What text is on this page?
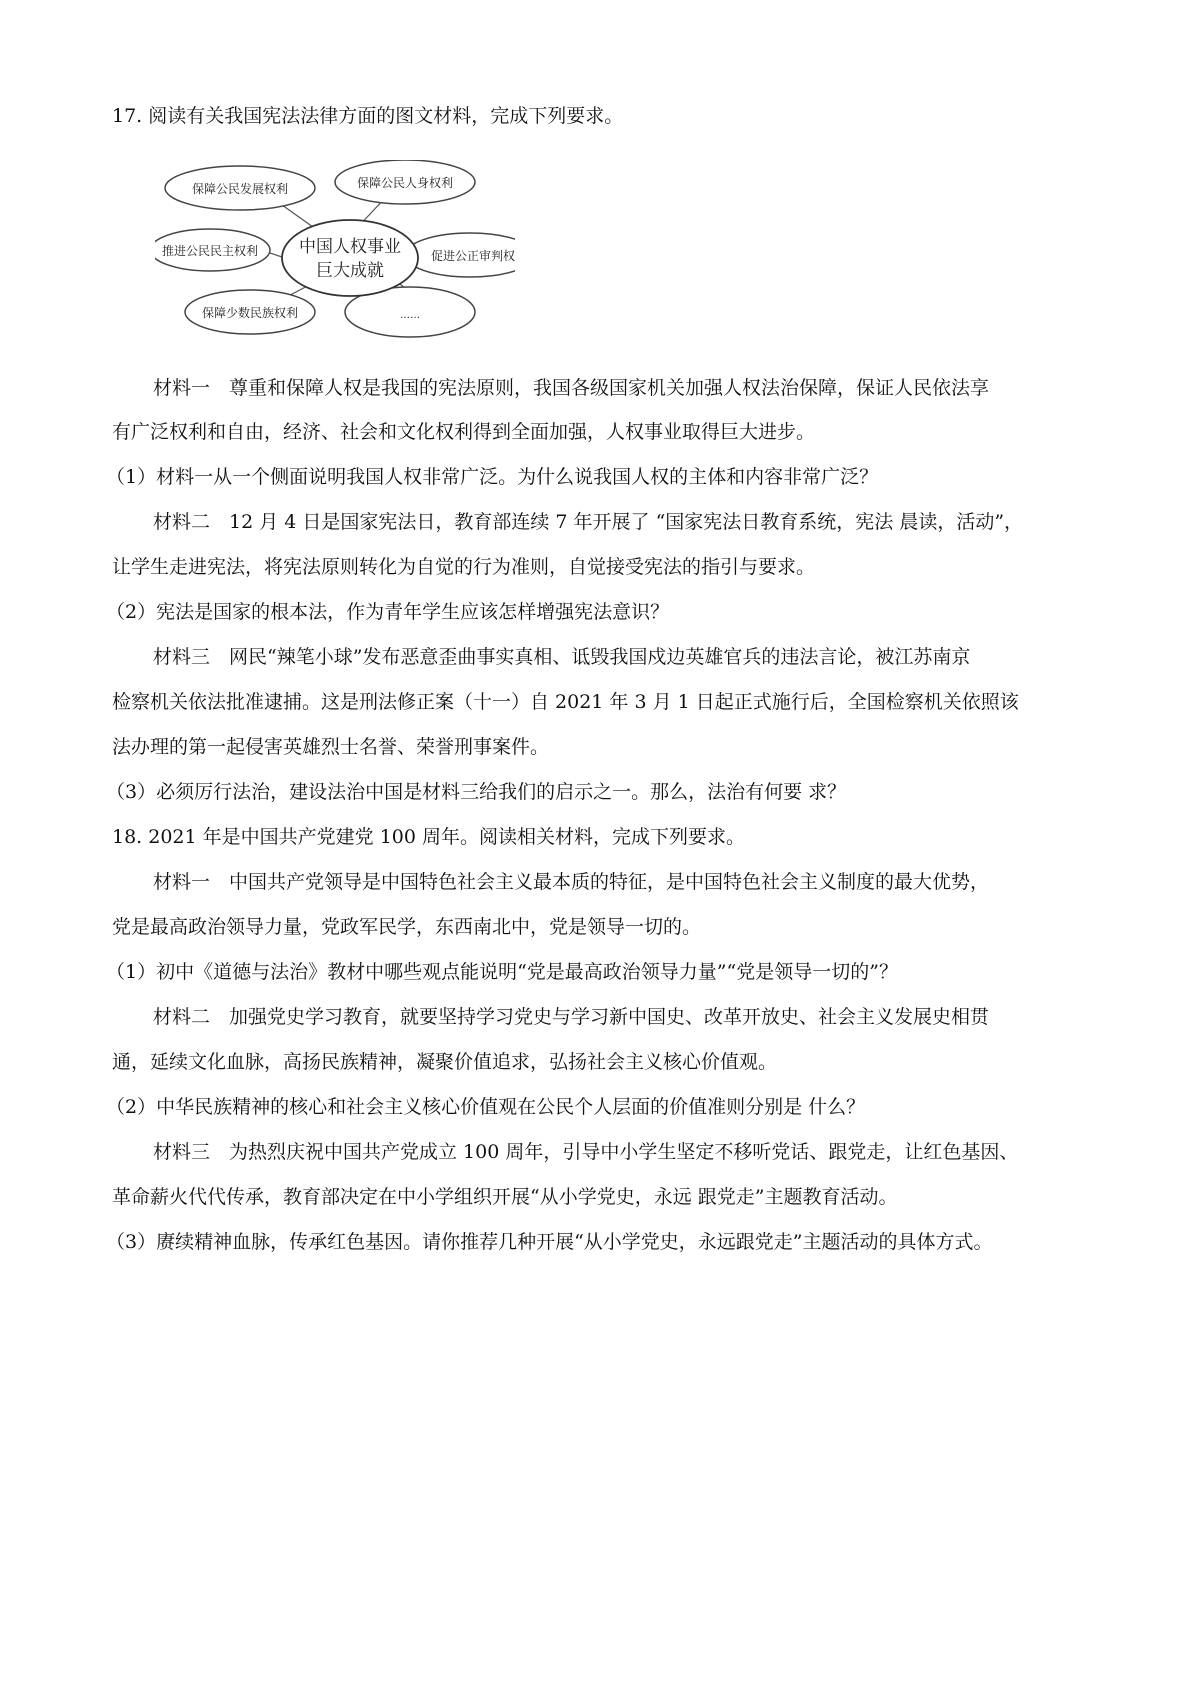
17. 阅读有关我国宪法法律方面的图文材料，完成下列要求。
保障公民发展权利	保障公民人身权利
推进公民民主权利	促进公正审判权
保障少数民族权利	……
中国人权事业
巨大成就
材料一　尊重和保障人权是我国的宪法原则，我国各级国家机关加强人权法治保障，保证人民依法享
有广泛权利和自由，经济、社会和文化权利得到全面加强，人权事业取得巨大进步。
（1）材料一从一个侧面说明我国人权非常广泛。为什么说我国人权的主体和内容非常广泛？
材料二　12 月 4 日是国家宪法日，教育部连续 7 年开展了 “国家宪法日教育系统，宪法 晨读，活动”，
让学生走进宪法，将宪法原则转化为自觉的行为准则，自觉接受宪法的指引与要求。
（2）宪法是国家的根本法，作为青年学生应该怎样增强宪法意识？
材料三　网民“辣笔小球”发布恶意歪曲事实真相、诋毁我国戍边英雄官兵的违法言论，被江苏南京
检察机关依法批准逮捕。这是刑法修正案（十一）自 2021 年 3 月 1 日起正式施行后，全国检察机关依照该
法办理的第一起侵害英雄烈士名誉、荣誉刑事案件。
（3）必须厉行法治，建设法治中国是材料三给我们的启示之一。那么，法治有何要 求？
18. 2021 年是中国共产党建党 100 周年。阅读相关材料，完成下列要求。
材料一　中国共产党领导是中国特色社会主义最本质的特征，是中国特色社会主义制度的最大优势，
党是最高政治领导力量，党政军民学，东西南北中，党是领导一切的。
（1）初中《道德与法治》教材中哪些观点能说明“党是最高政治领导力量”“党是领导一切的”？
材料二　加强党史学习教育，就要坚持学习党史与学习新中国史、改革开放史、社会主义发展史相贯
通，延续文化血脉，高扬民族精神，凝聚价值追求，弘扬社会主义核心价值观。
（2）中华民族精神的核心和社会主义核心价值观在公民个人层面的价值准则分别是 什么？
材料三　为热烈庆祝中国共产党成立 100 周年，引导中小学生坚定不移听党话、跟党走，让红色基因、
革命薪火代代传承，教育部决定在中小学组织开展“从小学党史，永远 跟党走”主题教育活动。
（3）赓续精神血脉，传承红色基因。请你推荐几种开展“从小学党史，永远跟党走”主题活动的具体方式。
